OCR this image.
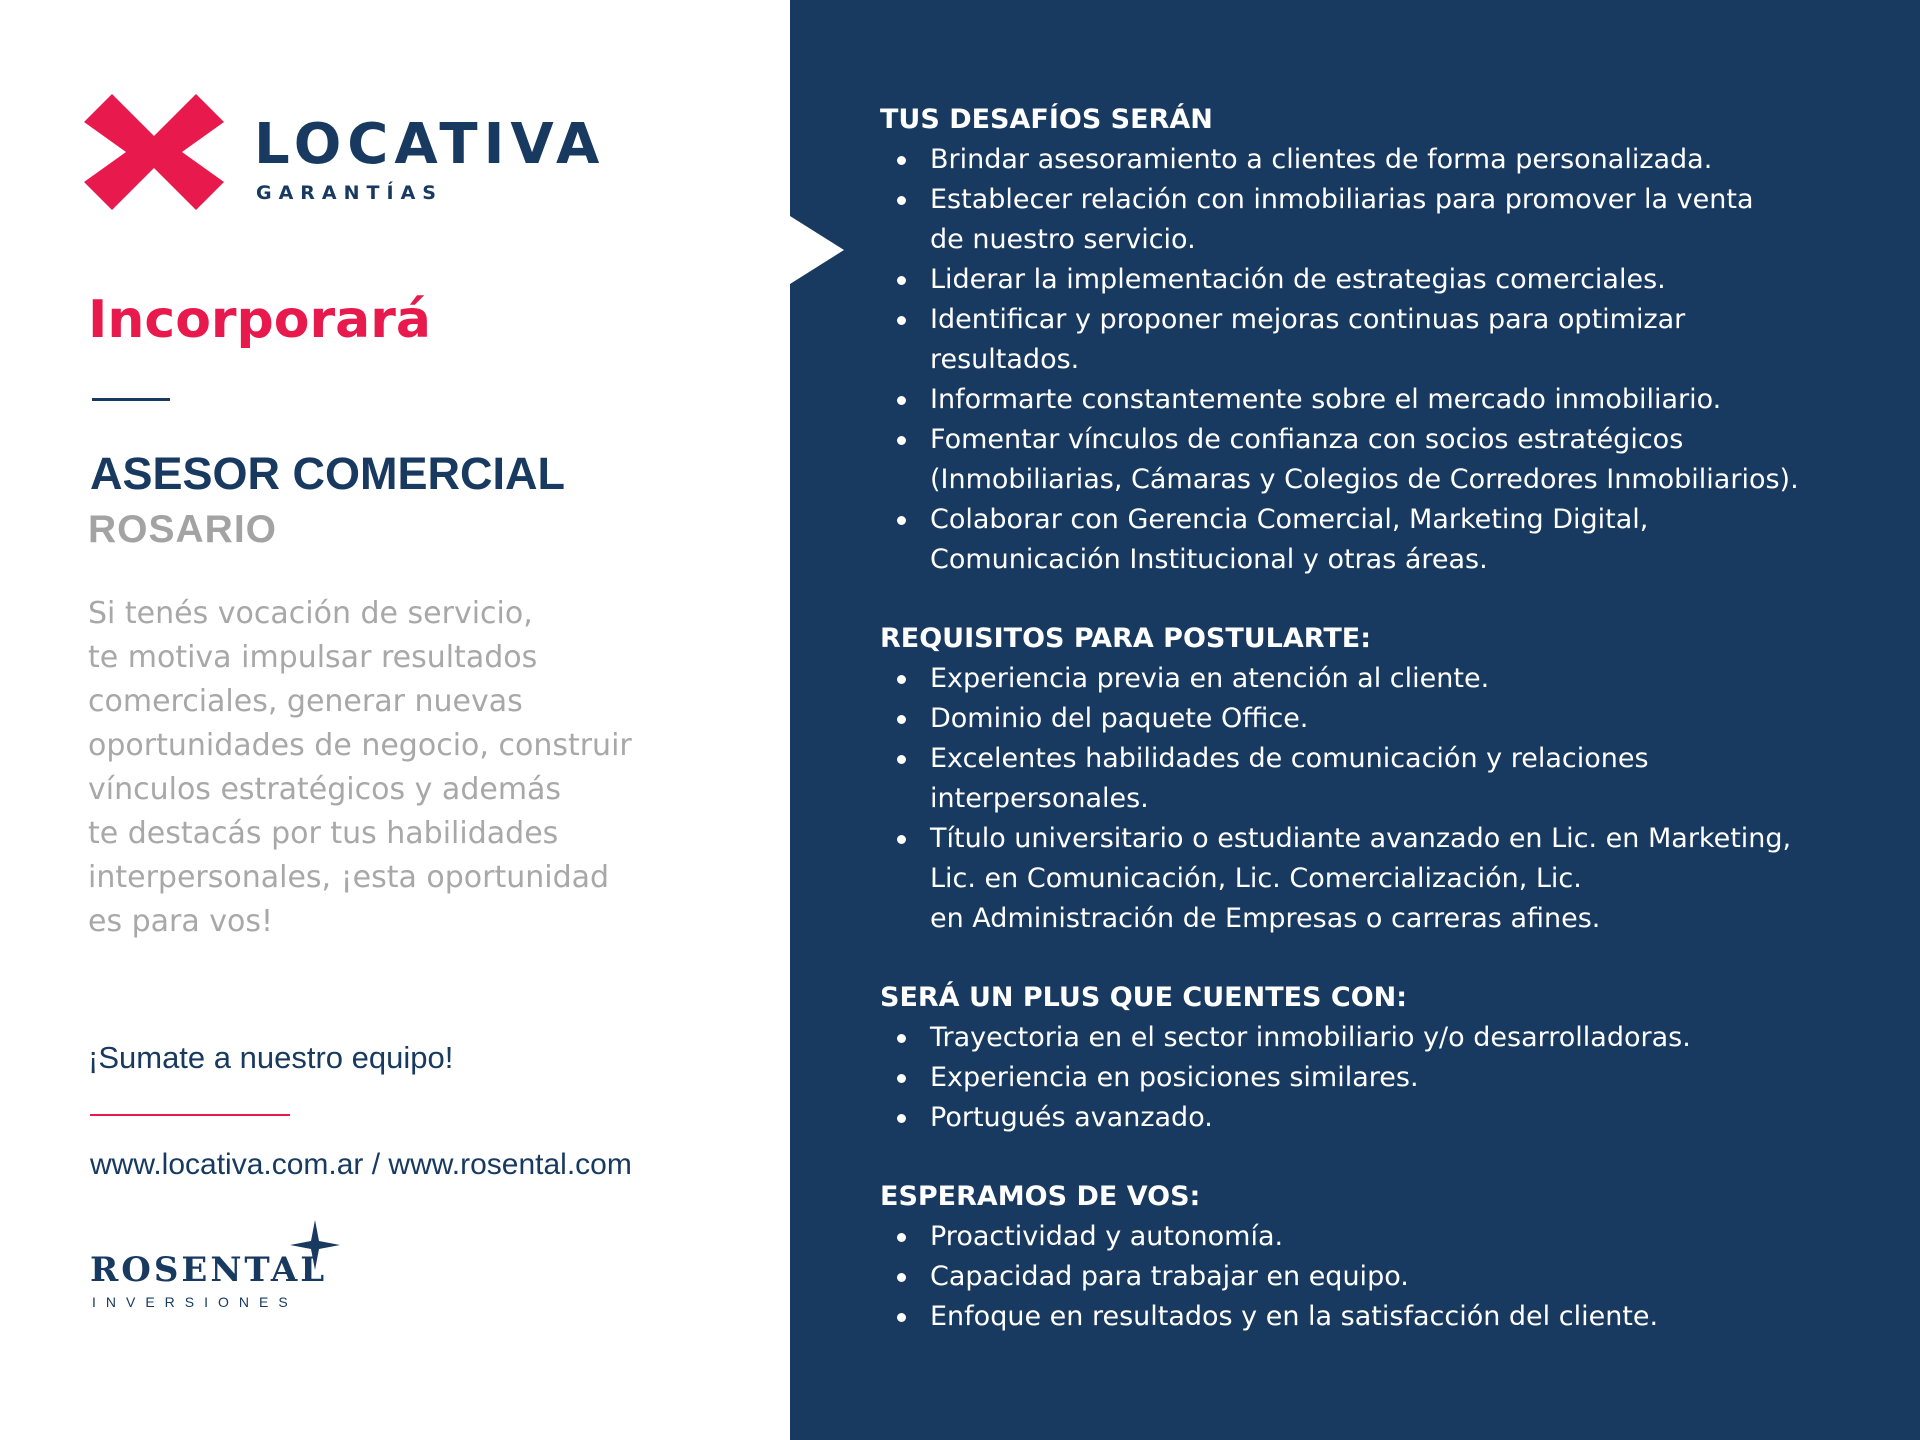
LOCATIVA
GARANTÍAS
Incorporará
ASESOR COMERCIAL
ROSARIO
Si tenés vocación de servicio,
te motiva impulsar resultados
comerciales, generar nuevas
oportunidades de negocio, construir
vínculos estratégicos y además
te destacás por tus habilidades
interpersonales, ¡esta oportunidad
es para vos!
¡Sumate a nuestro equipo!
www.locativa.com.ar / www.rosental.com
ROSENTAL
INVERSIONES
TUS DESAFÍOS SERÁN
Brindar asesoramiento a clientes de forma personalizada.
Establecer relación con inmobiliarias para promover la venta
de nuestro servicio.
Liderar la implementación de estrategias comerciales.
Identificar y proponer mejoras continuas para optimizar
resultados.
Informarte constantemente sobre el mercado inmobiliario.
Fomentar vínculos de confianza con socios estratégicos
(Inmobiliarias, Cámaras y Colegios de Corredores Inmobiliarios).
Colaborar con Gerencia Comercial, Marketing Digital,
Comunicación Institucional y otras áreas.
REQUISITOS PARA POSTULARTE:
Experiencia previa en atención al cliente.
Dominio del paquete Office.
Excelentes habilidades de comunicación y relaciones
interpersonales.
Título universitario o estudiante avanzado en Lic. en Marketing,
Lic. en Comunicación, Lic. Comercialización, Lic.
en Administración de Empresas o carreras afines.
SERÁ UN PLUS QUE CUENTES CON:
Trayectoria en el sector inmobiliario y/o desarrolladoras.
Experiencia en posiciones similares.
Portugués avanzado.
ESPERAMOS DE VOS:
Proactividad y autonomía.
Capacidad para trabajar en equipo.
Enfoque en resultados y en la satisfacción del cliente.
